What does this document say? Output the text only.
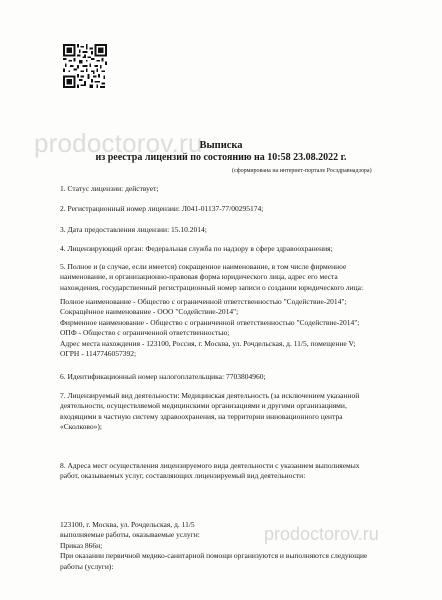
prodoctorov.ru
Выписка
из реестра лицензий по состоянию на 10:58 23.08.2022 г.
(сформирована на интернет-портале Росздравнадзора)
1. Статус лицензии: действует;
2. Регистрационный номер лицензии: Л041-01137-77/00295174;
3. Дата предоставления лицензии: 15.10.2014;
4. Лицензирующий орган: Федеральная служба по надзору в сфере здравоохранения;
5. Полное и (в случае, если имеется) сокращенное наименование, в том числе фирменное
наименование, и организационно-правовая форма юридического лица, адрес его места
нахождения, государственный регистрационный номер записи о создании юридического лица:
Полное наименование - Общество с ограниченной ответственностью "Содействие-2014";
Сокращённое наименование - ООО "Содействие-2014";
Фирменное наименование - Общество с ограниченной ответственностью "Содействие-2014";
ОПФ - Общество с ограниченной ответственностью;
Адрес места нахождения - 123100, Россия, г. Москва, ул. Рочдельская, д. 11/5, помещение V;
ОГРН - 1147746057392;
6. Идентификационный номер налогоплательщика: 7703804960;
7. Лицензируемый вид деятельности: Медицинская деятельность (за исключением указанной
деятельности, осуществляемой медицинскими организациями и другими организациями,
входящими в частную систему здравоохранения, на территории инновационного центра
«Сколково»);
8. Адреса мест осуществления лицензируемого вида деятельности с указанием выполняемых
работ, оказываемых услуг, составляющих лицензируемый вид деятельности:
prodoctorov.ru
123100, г. Москва, ул. Рочдельская, д. 11/5
выполняемые работы, оказываемые услуги:
Приказ 866н;
При оказании первичной медико-санитарной помощи организуются и выполняются следующие
работы (услуги):
